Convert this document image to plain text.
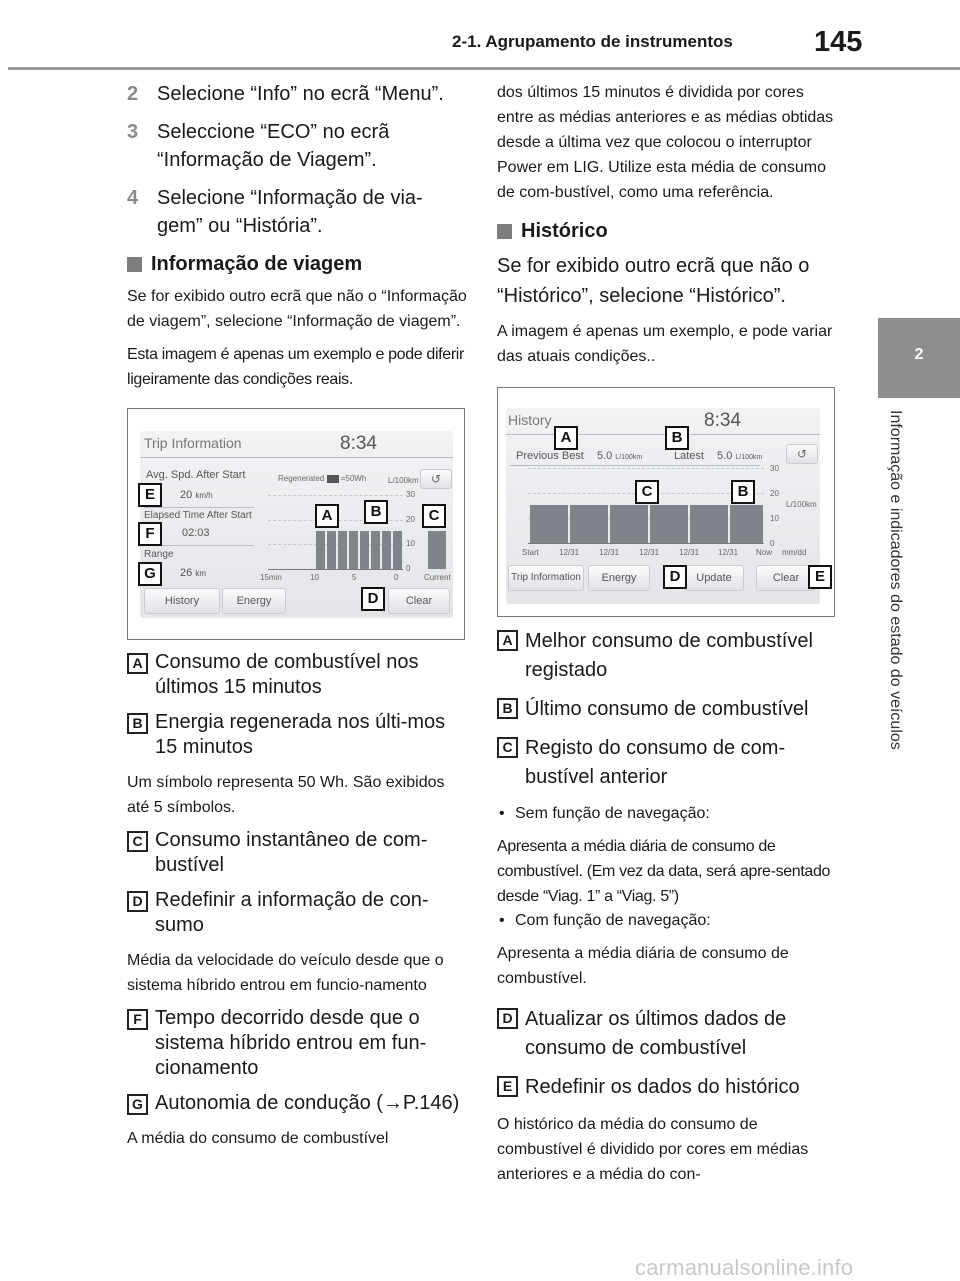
2-1. Agrupamento de instrumentos	145
2
Informação e indicadores do estado do veículos
2 Selecione “Info” no ecrã “Menu”.
3 Seleccione “ECO” no ecrã “Informação de Viagem”.
4 Selecione “Informação de via-gem” ou “História”.
Informação de viagem
Se for exibido outro ecrã que não o “Informação de viagem”, selecione “Informação de viagem”.
Esta imagem é apenas um exemplo e pode diferir ligeiramente das condições reais.
Trip Information	8:34
Avg. Spd. After Start
20 km/h
Elapsed Time After Start
02:03
Range
26 km
Regenerated =50Wh	L/100km	↺
30
20
10
0
15min	10	5	0	Current
History	Energy	Clear
E
F
G
A	B	C
D
A Consumo de combustível nos últimos 15 minutos
B Energia regenerada nos últi-mos 15 minutos
Um símbolo representa 50 Wh. São exibidos até 5 símbolos.
C Consumo instantâneo de com-bustível
D Redefinir a informação de con-sumo
Média da velocidade do veículo desde que o sistema híbrido entrou em funcio-namento
F Tempo decorrido desde que o sistema híbrido entrou em fun-cionamento
G Autonomia de condução (→P.146)
A média do consumo de combustível
dos últimos 15 minutos é dividida por cores entre as médias anteriores e as médias obtidas desde a última vez que colocou o interruptor Power em LIG. Utilize esta média de consumo de com-bustível, como uma referência.
Histórico
Se for exibido outro ecrã que não o “Histórico”, selecione “Histórico”.
A imagem é apenas um exemplo, e pode variar das atuais condições..
History	8:34
Previous Best 5.0 L/100km	Latest 5.0 L/100km	↺
30
20
L/100km
10
0
Start	12/31 12/31 12/31 12/31 12/31 Now mm/dd
Trip Information	Energy	Update	Clear
A	B
C	B
D	E
A Melhor consumo de combustível registado
B Último consumo de combustível
C Registo do consumo de com-bustível anterior
• Sem função de navegação:
Apresenta a média diária de consumo de combustível. (Em vez da data, será apre-sentado desde “Viag. 1” a “Viag. 5”)
• Com função de navegação:
Apresenta a média diária de consumo de combustível.
D Atualizar os últimos dados de consumo de combustível
E Redefinir os dados do histórico
O histórico da média do consumo de combustível é dividido por cores em médias anteriores e a média do con-
carmanualsonline.info
